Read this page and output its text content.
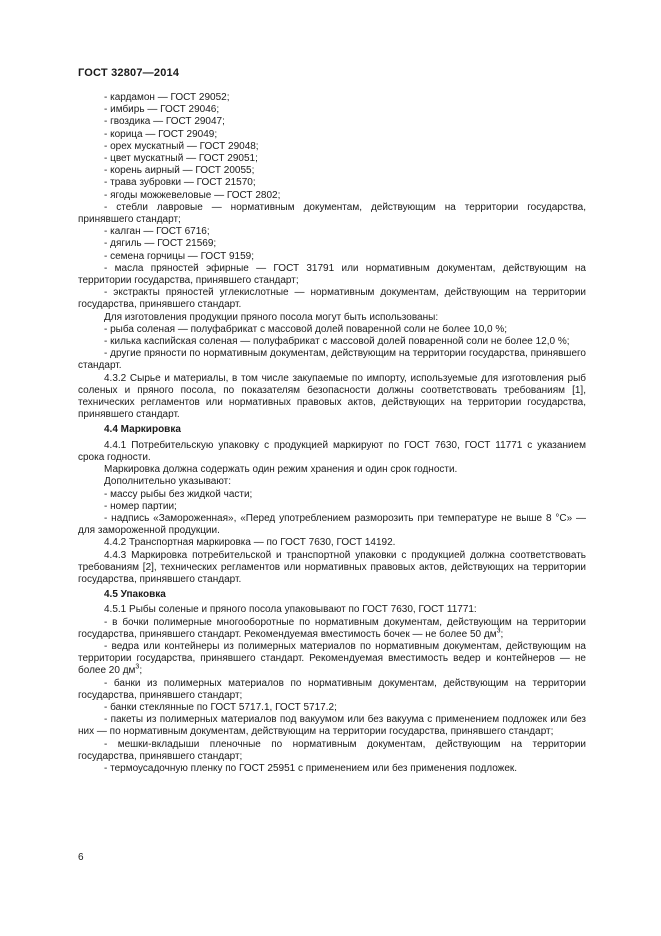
ГОСТ 32807—2014

- кардамон — ГОСТ 29052;

- имбирь — ГОСТ 29046;

- гвоздика — ГОСТ 29047;

- корица — ГОСТ 29049;

- орех мускатный — ГОСТ 29048;

- цвет мускатный — ГОСТ 29051;

- корень аирный — ГОСТ 20055;

- трава зубровки — ГОСТ 21570;

- ягоды можжевеловые — ГОСТ 2802;

- стебли лавровые — нормативным документам, действующим на территории государства, принявшего стандарт;

- калган — ГОСТ 6716;

- дягиль — ГОСТ 21569;

- семена горчицы — ГОСТ 9159;

- масла пряностей эфирные — ГОСТ 31791 или нормативным документам, действующим на территории государства, принявшего стандарт;

- экстракты пряностей углекислотные — нормативным документам, действующим на территории государства, принявшего стандарт.

Для изготовления продукции пряного посола могут быть использованы:

- рыба соленая — полуфабрикат с массовой долей поваренной соли не более 10,0 %;

- килька каспийская соленая — полуфабрикат с массовой долей поваренной соли не более 12,0 %;

- другие пряности по нормативным документам, действующим на территории государства, принявшего стандарт.

4.3.2 Сырье и материалы, в том числе закупаемые по импорту, используемые для изготовления рыб соленых и пряного посола, по показателям безопасности должны соответствовать требованиям [1], технических регламентов или нормативных правовых актов, действующих на территории государства, принявшего стандарт.

4.4 Маркировка

4.4.1 Потребительскую упаковку с продукцией маркируют по ГОСТ 7630, ГОСТ 11771 с указанием срока годности.

Маркировка должна содержать один режим хранения и один срок годности.

Дополнительно указывают:

- массу рыбы без жидкой части;

- номер партии;

- надпись «Замороженная», «Перед употреблением разморозить при температуре не выше 8 °С» — для замороженной продукции.

4.4.2 Транспортная маркировка — по ГОСТ 7630, ГОСТ 14192.

4.4.3 Маркировка потребительской и транспортной упаковки с продукцией должна соответствовать требованиям [2], технических регламентов или нормативных правовых актов, действующих на территории государства, принявшего стандарт.

4.5 Упаковка

4.5.1 Рыбы соленые и пряного посола упаковывают по ГОСТ 7630, ГОСТ 11771:

- в бочки полимерные многооборотные по нормативным документам, действующим на территории государства, принявшего стандарт. Рекомендуемая вместимость бочек — не более 50 $дм^3$;

- ведра или контейнеры из полимерных материалов по нормативным документам, действующим на территории государства, принявшего стандарт. Рекомендуемая вместимость ведер и контейнеров — не более 20 $дм^3$;

- банки из полимерных материалов по нормативным документам, действующим на территории государства, принявшего стандарт;

- банки стеклянные по ГОСТ 5717.1, ГОСТ 5717.2;

- пакеты из полимерных материалов под вакуумом или без вакуума с применением подложек или без них — по нормативным документам, действующим на территории государства, принявшего стандарт;

- мешки-вкладыши пленочные по нормативным документам, действующим на территории государства, принявшего стандарт;

- термоусадочную пленку по ГОСТ 25951 с применением или без применения подложек.

6
